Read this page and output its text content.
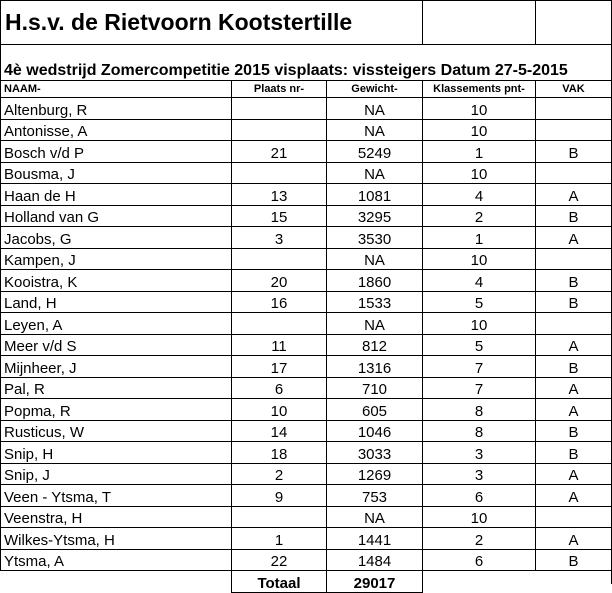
H.s.v. de Rietvoorn Kootstertille				

4è wedstrijd Zomercompetitie 2015 visplaats: vissteigers Datum 27-5-2015				
NAAM-	Plaats nr-	Gewicht-	Klassements pnt-	VAK
Altenburg, R		NA	10	
Antonisse, A		NA	10	
Bosch v/d P	21	5249	1	B
Bousma, J		NA	10	
Haan de H	13	1081	4	A
Holland van G	15	3295	2	B
Jacobs, G	3	3530	1	A
Kampen, J		NA	10	
Kooistra, K	20	1860	4	B
Land, H	16	1533	5	B
Leyen, A		NA	10	
Meer v/d S	11	812	5	A
Mijnheer, J	17	1316	7	B
Pal, R	6	710	7	A
Popma, R	10	605	8	A
Rusticus, W	14	1046	8	B
Snip, H	18	3033	3	B
Snip, J	2	1269	3	A
Veen - Ytsma, T	9	753	6	A
Veenstra, H		NA	10	
Wilkes-Ytsma, H	1	1441	2	A
Ytsma, A	22	1484	6	B
	Totaal	29017		
